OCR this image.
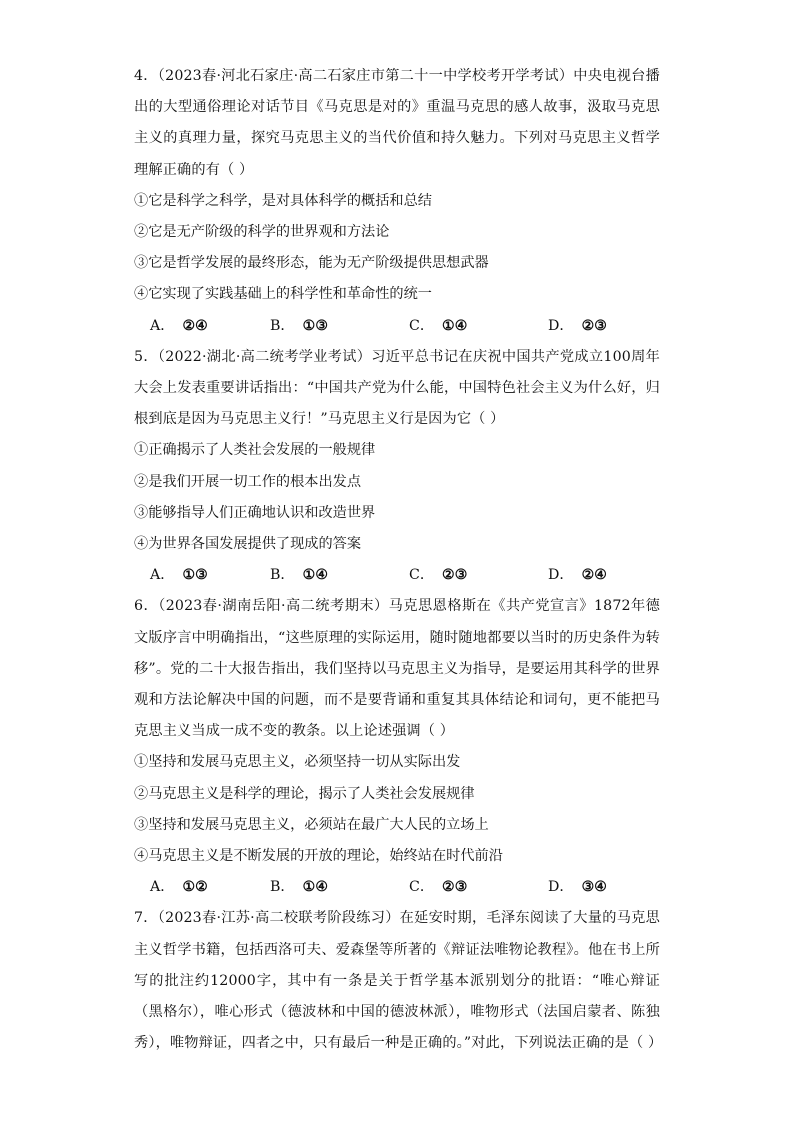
4．（2023春·河北石家庄·高二石家庄市第二十一中学校考开学考试）中央电视台播出的大型通俗理论对话节目《马克思是对的》重温马克思的感人故事，汲取马克思主义的真理力量，探究马克思主义的当代价值和持久魅力。下列对马克思主义哲学理解正确的有（ ）
①它是科学之科学，是对具体科学的概括和总结
②它是无产阶级的科学的世界观和方法论
③它是哲学发展的最终形态，能为无产阶级提供思想武器
④它实现了实践基础上的科学性和革命性的统一
A． ②④	B． ①③	C． ①④	D． ②③
5．（2022·湖北·高二统考学业考试）习近平总书记在庆祝中国共产党成立100周年大会上发表重要讲话指出：“中国共产党为什么能，中国特色社会主义为什么好，归根到底是因为马克思主义行！”马克思主义行是因为它（ ）
①正确揭示了人类社会发展的一般规律
②是我们开展一切工作的根本出发点
③能够指导人们正确地认识和改造世界
④为世界各国发展提供了现成的答案
A． ①③	B． ①④	C． ②③	D． ②④
6．（2023春·湖南岳阳·高二统考期末）马克思恩格斯在《共产党宣言》1872年德文版序言中明确指出，“这些原理的实际运用，随时随地都要以当时的历史条件为转移”。党的二十大报告指出，我们坚持以马克思主义为指导，是要运用其科学的世界观和方法论解决中国的问题，而不是要背诵和重复其具体结论和词句，更不能把马克思主义当成一成不变的教条。以上论述强调（ ）
①坚持和发展马克思主义，必须坚持一切从实际出发
②马克思主义是科学的理论，揭示了人类社会发展规律
③坚持和发展马克思主义，必须站在最广大人民的立场上
④马克思主义是不断发展的开放的理论，始终站在时代前沿
A． ①②	B． ①④	C． ②③	D． ③④
7．（2023春·江苏·高二校联考阶段练习）在延安时期，毛泽东阅读了大量的马克思主义哲学书籍，包括西洛可夫、爱森堡等所著的《辩证法唯物论教程》。他在书上所写的批注约12000字，其中有一条是关于哲学基本派别划分的批语：“唯心辩证（黑格尔），唯心形式（德波林和中国的德波林派），唯物形式（法国启蒙者、陈独秀），唯物辩证，四者之中，只有最后一种是正确的。”对此，下列说法正确的是（ ）
